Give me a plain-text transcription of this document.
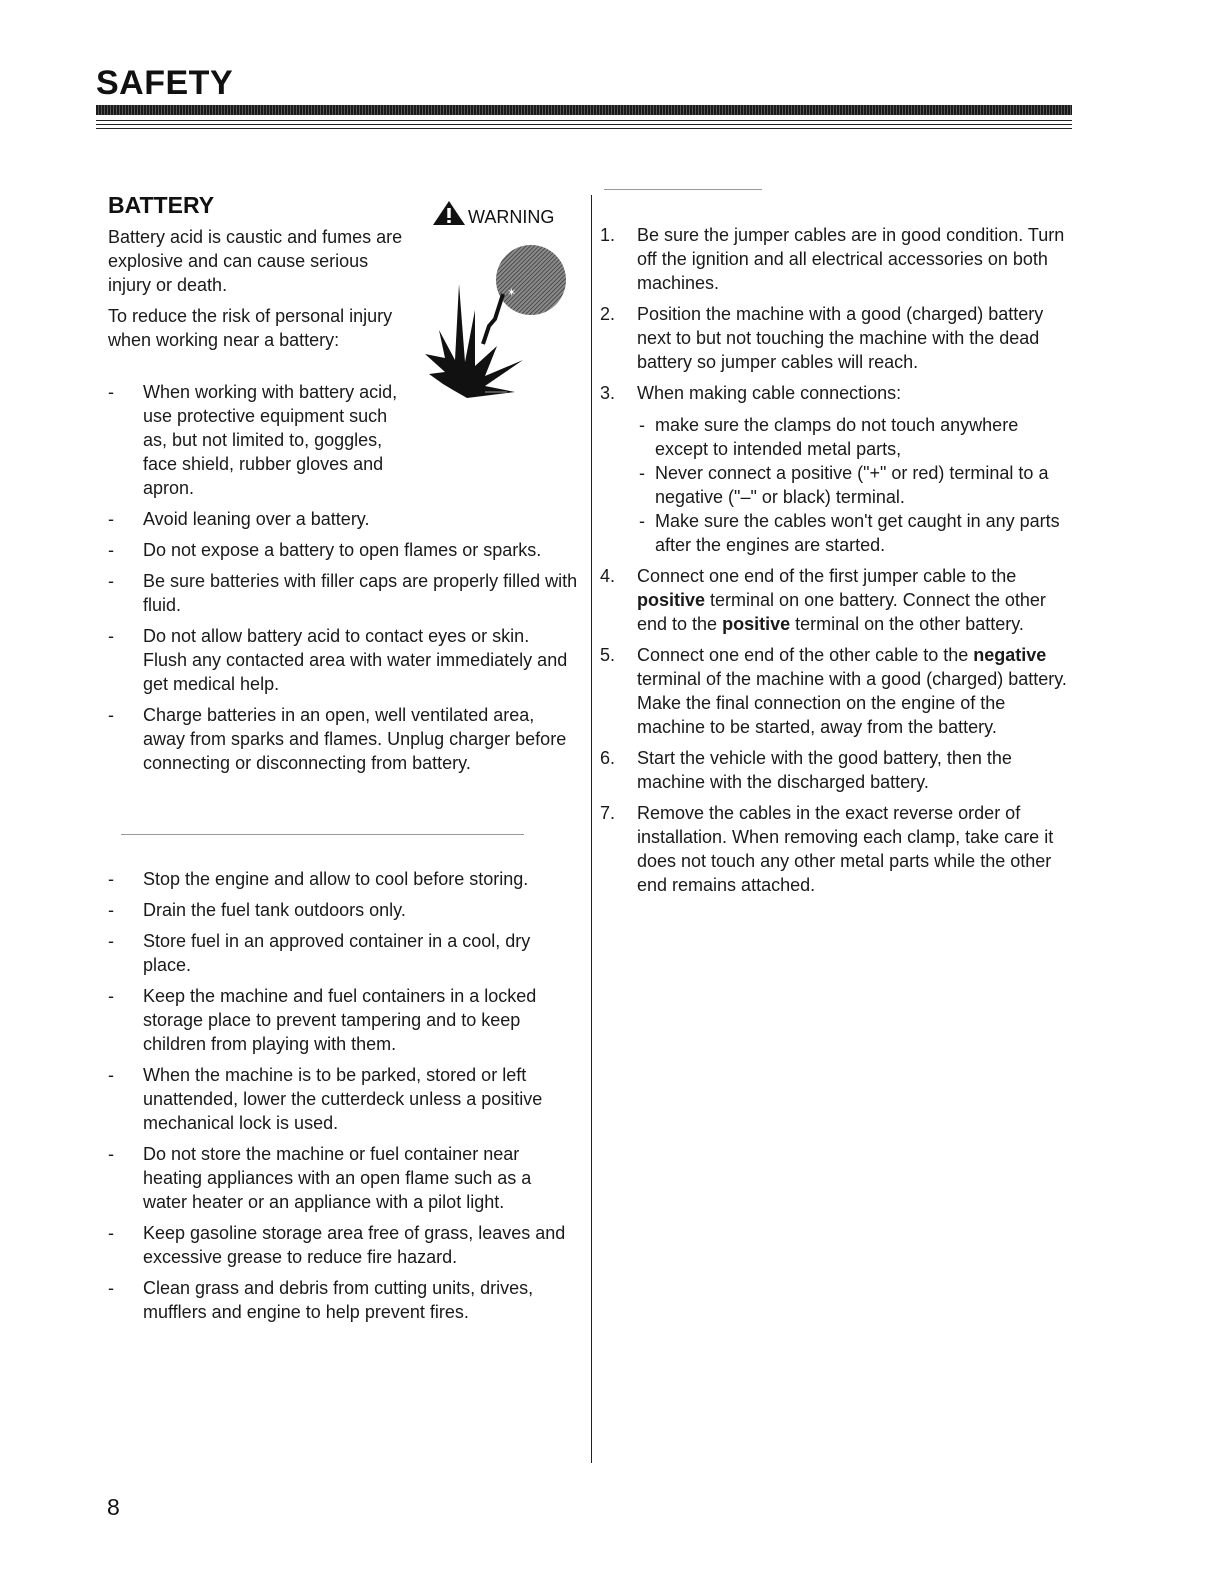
SAFETY
BATTERY	WARNING

Battery acid is caustic and fumes are explosive and can cause serious injury or death.

To reduce the risk of personal injury when working near a battery:

✶
- When working with battery acid, use protective equipment such as, but not limited to, goggles, face shield, rubber gloves and apron.
- Avoid leaning over a battery.
- Do not expose a battery to open flames or sparks.
- Be sure batteries with filler caps are properly filled with fluid.
- Do not allow battery acid to contact eyes or skin. Flush any contacted area with water immediately and get medical help.
- Charge batteries in an open, well ventilated area, away from sparks and flames. Unplug charger before connecting or disconnecting from battery.
- Stop the engine and allow to cool before storing.
- Drain the fuel tank outdoors only.
- Store fuel in an approved container in a cool, dry place.
- Keep the machine and fuel containers in a locked storage place to prevent tampering and to keep children from playing with them.
- When the machine is to be parked, stored or left unattended, lower the cutterdeck unless a positive mechanical lock is used.
- Do not store the machine or fuel container near heating appliances with an open flame such as a water heater or an appliance with a pilot light.
- Keep gasoline storage area free of grass, leaves and excessive grease to reduce fire hazard.
- Clean grass and debris from cutting units, drives, mufflers and engine to help prevent fires.
1. Be sure the jumper cables are in good condition. Turn off the ignition and all electrical accessories on both machines.
2. Position the machine with a good (charged) battery next to but not touching the machine with the dead battery so jumper cables will reach.
3. When making cable connections:
- make sure the clamps do not touch anywhere except to intended metal parts,
- Never connect a positive ("+" or red) terminal to a negative ("–" or black) terminal.
- Make sure the cables won't get caught in any parts after the engines are started.
4. Connect one end of the first jumper cable to the positive terminal on one battery. Connect the other end to the positive terminal on the other battery.
5. Connect one end of the other cable to the negative terminal of the machine with a good (charged) battery. Make the final connection on the engine of the machine to be started, away from the battery.
6. Start the vehicle with the good battery, then the machine with the discharged battery.
7. Remove the cables in the exact reverse order of installation. When removing each clamp, take care it does not touch any other metal parts while the other end remains attached.
8
